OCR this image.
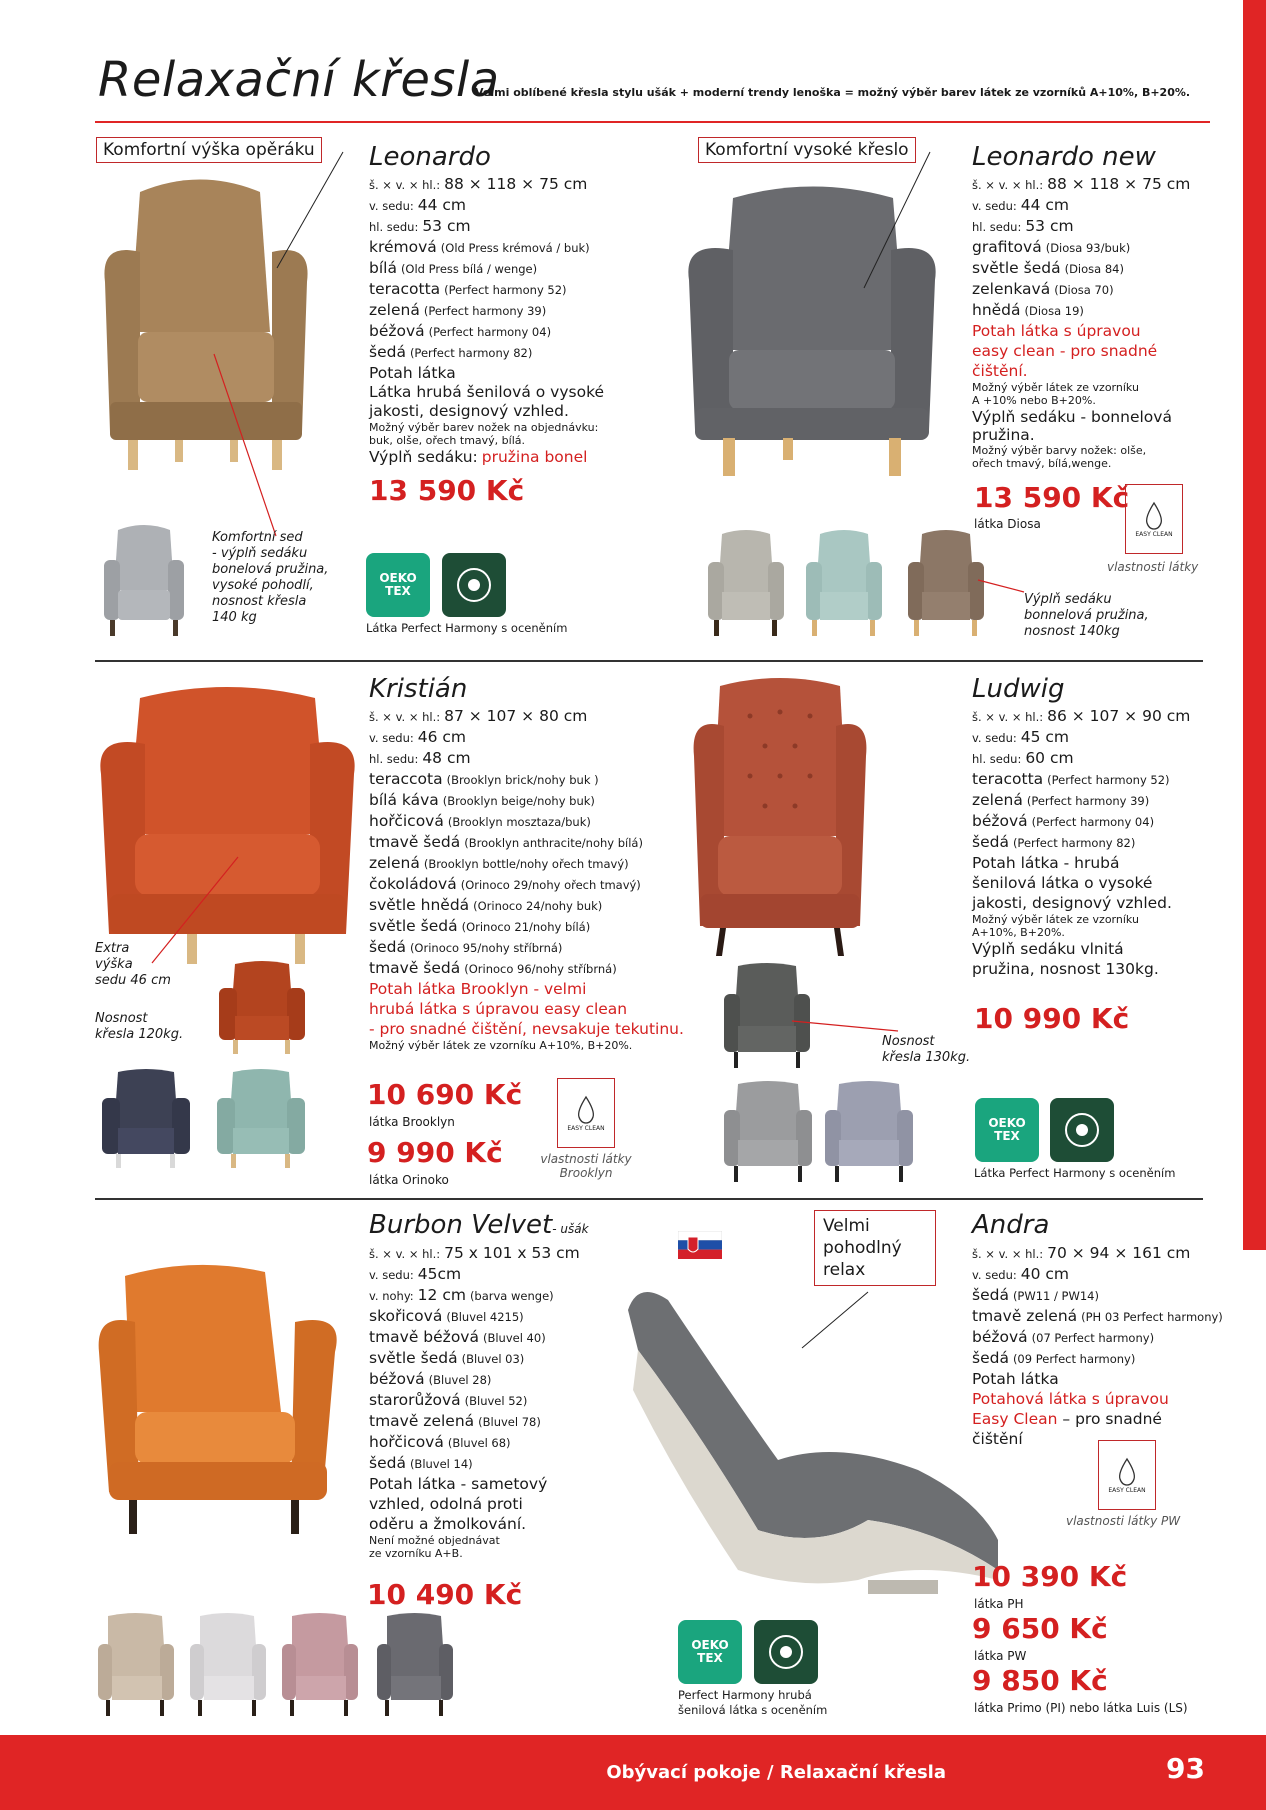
Relaxační křesla
Velmi oblíbené křesla stylu ušák + moderní trendy lenoška = možný výběr barev látek ze vzorníků A+10%, B+20%.
Komfortní výška opěráku
Komfortní sed
- výplň sedáku
bonelová pružina,
vysoké pohodlí,
nosnost křesla
140 kg
Leonardo
š. × v. × hl.: 88 × 118 × 75 cm
v. sedu: 44 cm
hl. sedu: 53 cm
krémová (Old Press krémová / buk)
bílá (Old Press bílá / wenge)
teracotta (Perfect harmony 52)
zelená (Perfect harmony 39)
béžová (Perfect harmony 04)
šedá (Perfect harmony 82)
Potah látka
Látka hrubá šenilová o vysoké
jakosti, designový vzhled.
Možný výběr barev nožek na objednávku:
buk, olše, ořech tmavý, bílá.
Výplň sedáku: pružina bonel
13 590 Kč
OEKO TEX
Látka Perfect Harmony s oceněním
Komfortní vysoké křeslo
Výplň sedáku
bonnelová pružina,
nosnost 140kg
Leonardo new
š. × v. × hl.: 88 × 118 × 75 cm
v. sedu: 44 cm
hl. sedu: 53 cm
grafitová (Diosa 93/buk)
světle šedá (Diosa 84)
zelenkavá (Diosa 70)
hnědá (Diosa 19)
Potah látka s úpravou
easy clean - pro snadné
čištění.
Možný výběr látek ze vzorníku
A +10% nebo B+20%.
Výplň sedáku - bonnelová
pružina.
Možný výběr barvy nožek: olše,
ořech tmavý, bílá,wenge.
13 590 Kč
látka Diosa
EASY CLEAN
vlastnosti látky
Extra
výška
sedu 46 cm
Nosnost
křesla 120kg.
Kristián
š. × v. × hl.: 87 × 107 × 80 cm
v. sedu: 46 cm
hl. sedu: 48 cm
teraccota (Brooklyn brick/nohy buk )
bílá káva (Brooklyn beige/nohy buk)
hořčicová (Brooklyn mosztaza/buk)
tmavě šedá (Brooklyn anthracite/nohy bílá)
zelená (Brooklyn bottle/nohy ořech tmavý)
čokoládová (Orinoco 29/nohy ořech tmavý)
světle hnědá (Orinoco 24/nohy buk)
světle šedá (Orinoco 21/nohy bílá)
šedá (Orinoco 95/nohy stříbrná)
tmavě šedá (Orinoco 96/nohy stříbrná)
Potah látka Brooklyn - velmi
hrubá látka s úpravou easy clean
- pro snadné čištění, nevsakuje tekutinu.
Možný výběr látek ze vzorníku A+10%, B+20%.
10 690 Kč
látka Brooklyn
9 990 Kč
látka Orinoko
EASY CLEAN
vlastnosti látky
Brooklyn
Nosnost
křesla 130kg.
Ludwig
š. × v. × hl.: 86 × 107 × 90 cm
v. sedu: 45 cm
hl. sedu: 60 cm
teracotta (Perfect harmony 52)
zelená (Perfect harmony 39)
béžová (Perfect harmony 04)
šedá (Perfect harmony 82)
Potah látka - hrubá
šenilová látka o vysoké
jakosti, designový vzhled.
Možný výběr látek ze vzorníku
A+10%, B+20%.
Výplň sedáku vlnitá
pružina, nosnost 130kg.
10 990 Kč
OEKO TEX
Látka Perfect Harmony s oceněním
Burbon Velvet- ušák
š. × v. × hl.: 75 x 101 x 53 cm
v. sedu: 45cm
v. nohy: 12 cm (barva wenge)
skořicová (Bluvel 4215)
tmavě béžová (Bluvel 40)
světle šedá (Bluvel 03)
béžová (Bluvel 28)
starorůžová (Bluvel 52)
tmavě zelená (Bluvel 78)
hořčicová (Bluvel 68)
šedá (Bluvel 14)
Potah látka - sametový
vzhled, odolná proti
oděru a žmolkování.
Není možné objednávat
ze vzorníku A+B.
10 490 Kč
Velmi
pohodlný
relax
OEKO TEX
Perfect Harmony hrubá
šenilová látka s oceněním
Andra
š. × v. × hl.: 70 × 94 × 161 cm
v. sedu: 40 cm
šedá (PW11 / PW14)
tmavě zelená (PH 03 Perfect harmony)
béžová (07 Perfect harmony)
šedá (09 Perfect harmony)
Potah látka
Potahová látka s úpravou
Easy Clean – pro snadné
čištění
EASY CLEAN
vlastnosti látky PW
10 390 Kč
látka PH
9 650 Kč
látka PW
9 850 Kč
látka Primo (PI) nebo látka Luis (LS)
Obývací pokoje / Relaxační křesla	93
